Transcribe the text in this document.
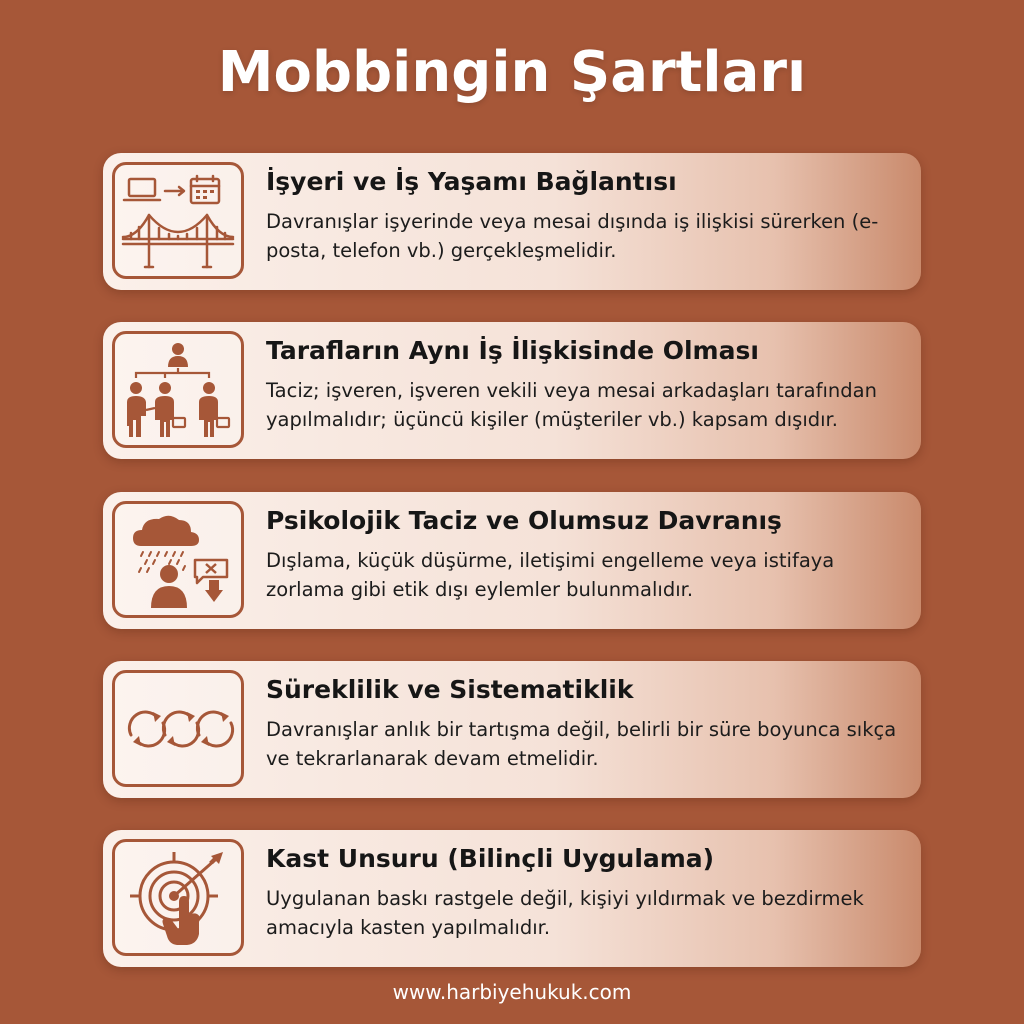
Mobbingin Şartları
İşyeri ve İş Yaşamı Bağlantısı
Davranışlar işyerinde veya mesai dışında iş ilişkisi sürerken (e-posta, telefon vb.) gerçekleşmelidir.
Tarafların Aynı İş İlişkisinde Olması
Taciz; işveren, işveren vekili veya mesai arkadaşları tarafından yapılmalıdır; üçüncü kişiler (müşteriler vb.) kapsam dışıdır.
Psikolojik Taciz ve Olumsuz Davranış
Dışlama, küçük düşürme, iletişimi engelleme veya istifaya zorlama gibi etik dışı eylemler bulunmalıdır.
Süreklilik ve Sistematiklik
Davranışlar anlık bir tartışma değil, belirli bir süre boyunca sıkça ve tekrarlanarak devam etmelidir.
Kast Unsuru (Bilinçli Uygulama)
Uygulanan baskı rastgele değil, kişiyi yıldırmak ve bezdirmek amacıyla kasten yapılmalıdır.
www.harbiyehukuk.com
